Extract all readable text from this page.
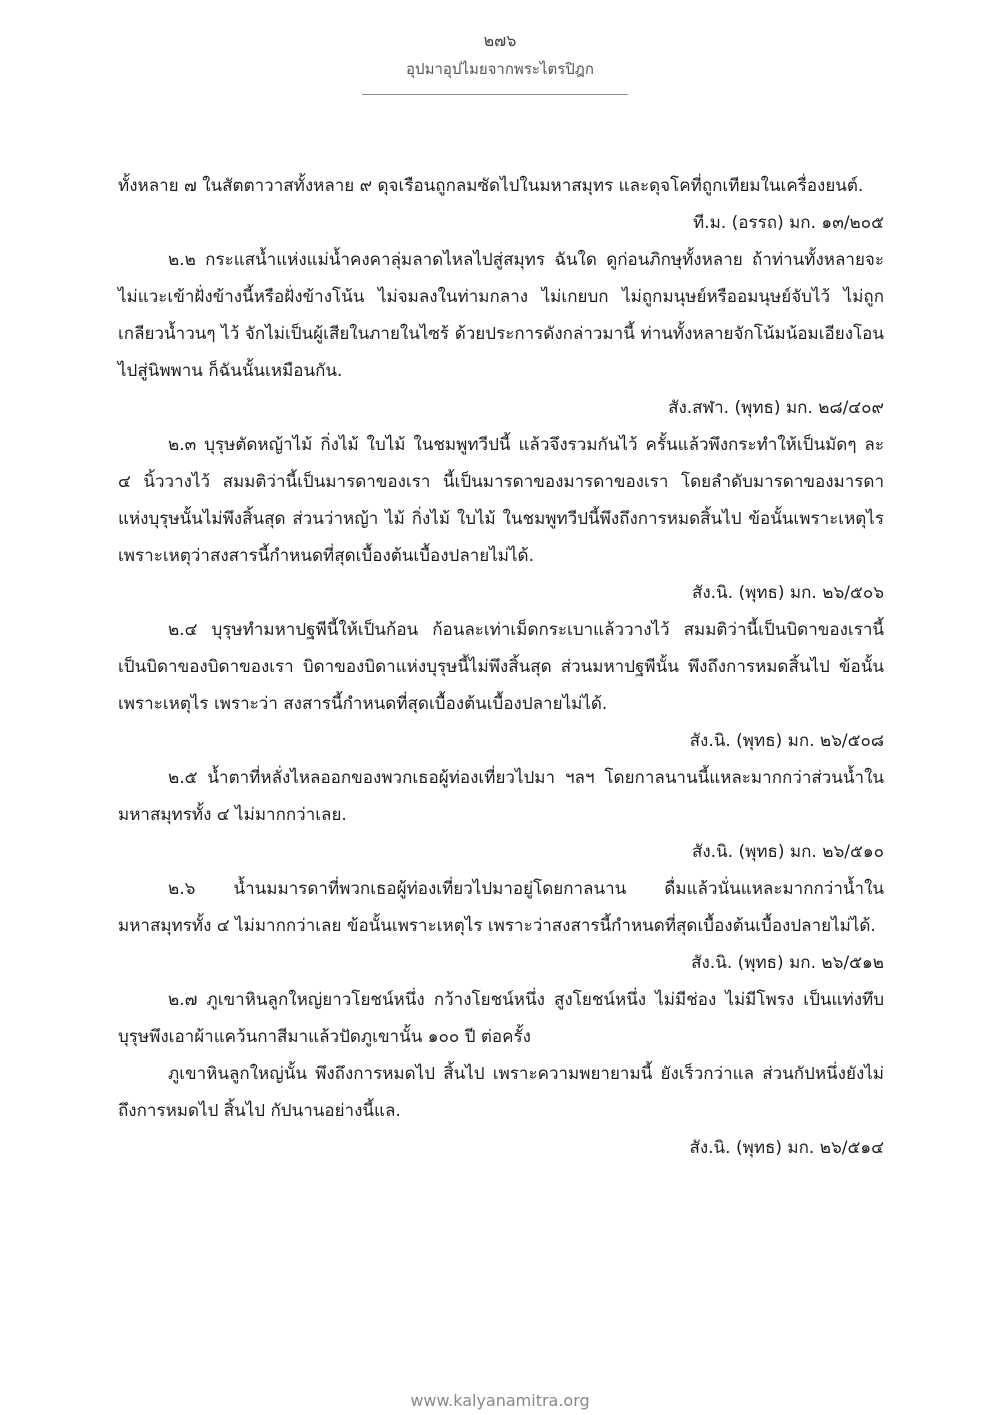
๒๗๖
อุปมาอุปไมยจากพระไตรปิฎก

ทั้งหลาย ๗ ในสัตตาวาสทั้งหลาย ๙ ดุจเรือนถูกลมซัดไปในมหาสมุทร และดุจโคที่ถูกเทียมในเครื่องยนต์.

ที.ม. (อรรถ) มก. ๑๓/๒๐๕

๒.๒ กระแสน้ำแห่งแม่น้ำคงคาลุ่มลาดไหลไปสู่สมุทร ฉันใด ดูก่อนภิกษุทั้งหลาย ถ้าท่านทั้งหลายจะไม่แวะเข้าฝั่งข้างนี้หรือฝั่งข้างโน้น ไม่จมลงในท่ามกลาง ไม่เกยบก ไม่ถูกมนุษย์หรืออมนุษย์จับไว้ ไม่ถูกเกลียวน้ำวนๆ ไว้ จักไม่เป็นผู้เสียในภายในไซร้ ด้วยประการดังกล่าวมานี้ ท่านทั้งหลายจักโน้มน้อมเอียงโอนไปสู่นิพพาน ก็ฉันนั้นเหมือนกัน.

สัง.สฬา. (พุทธ) มก. ๒๘/๔๐๙

๒.๓ บุรุษตัดหญ้าไม้ กิ่งไม้ ใบไม้ ในชมพูทวีปนี้ แล้วจึงรวมกันไว้ ครั้นแล้วพึงกระทำให้เป็นมัดๆ ละ ๔ นิ้ววางไว้ สมมติว่านี้เป็นมารดาของเรา นี้เป็นมารดาของมารดาของเรา โดยลำดับมารดาของมารดาแห่งบุรุษนั้นไม่พึงสิ้นสุด ส่วนว่าหญ้า ไม้ กิ่งไม้ ใบไม้ ในชมพูทวีปนี้พึงถึงการหมดสิ้นไป ข้อนั้นเพราะเหตุไร เพราะเหตุว่าสงสารนี้กำหนดที่สุดเบื้องต้นเบื้องปลายไม่ได้.

สัง.นิ. (พุทธ) มก. ๒๖/๕๐๖

๒.๔ บุรุษทำมหาปฐพีนี้ให้เป็นก้อน ก้อนละเท่าเม็ดกระเบาแล้ววางไว้ สมมติว่านี้เป็นบิดาของเรานี้เป็นบิดาของบิดาของเรา บิดาของบิดาแห่งบุรุษนี้ไม่พึงสิ้นสุด ส่วนมหาปฐพีนั้น พึงถึงการหมดสิ้นไป ข้อนั้นเพราะเหตุไร เพราะว่า สงสารนี้กำหนดที่สุดเบื้องต้นเบื้องปลายไม่ได้.

สัง.นิ. (พุทธ) มก. ๒๖/๕๐๘

๒.๕ น้ำตาที่หลั่งไหลออกของพวกเธอผู้ท่องเที่ยวไปมา ฯลฯ โดยกาลนานนี้แหละมากกว่าส่วนน้ำในมหาสมุทรทั้ง ๔ ไม่มากกว่าเลย.

สัง.นิ. (พุทธ) มก. ๒๖/๕๑๐

๒.๖ น้ำนมมารดาที่พวกเธอผู้ท่องเที่ยวไปมาอยู่โดยกาลนาน ดื่มแล้วนั่นแหละมากกว่าน้ำในมหาสมุทรทั้ง ๔ ไม่มากกว่าเลย ข้อนั้นเพราะเหตุไร เพราะว่าสงสารนี้กำหนดที่สุดเบื้องต้นเบื้องปลายไม่ได้.

สัง.นิ. (พุทธ) มก. ๒๖/๕๑๒

๒.๗ ภูเขาหินลูกใหญ่ยาวโยชน์หนึ่ง กว้างโยชน์หนึ่ง สูงโยชน์หนึ่ง ไม่มีช่อง ไม่มีโพรง เป็นแท่งทึบ บุรุษพึงเอาผ้าแคว้นกาสีมาแล้วปัดภูเขานั้น ๑๐๐ ปี ต่อครั้ง

ภูเขาหินลูกใหญ่นั้น พึงถึงการหมดไป สิ้นไป เพราะความพยายามนี้ ยังเร็วกว่าแล ส่วนกัปหนึ่งยังไม่ถึงการหมดไป สิ้นไป กัปนานอย่างนี้แล.

สัง.นิ. (พุทธ) มก. ๒๖/๕๑๔

www.kalyanamitra.org
